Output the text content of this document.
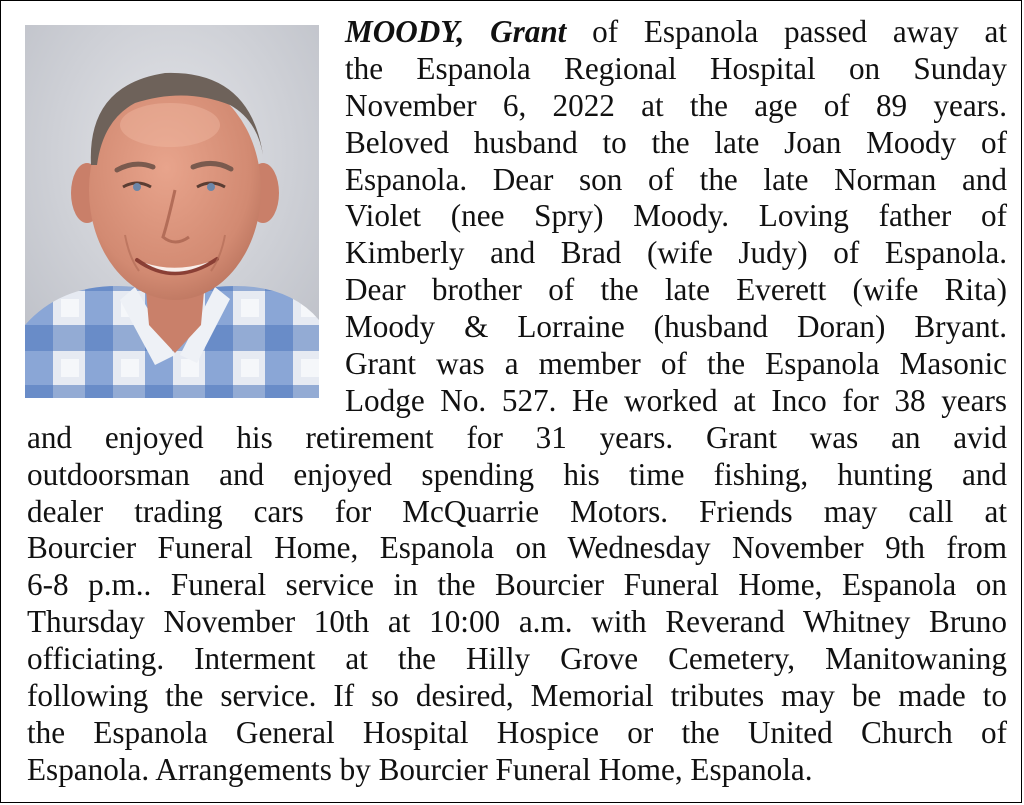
MOODY, Grant of Espanola passed away at
the Espanola Regional Hospital on Sunday
November 6, 2022 at the age of 89 years.
Beloved husband to the late Joan Moody of
Espanola. Dear son of the late Norman and
Violet (nee Spry) Moody. Loving father of
Kimberly and Brad (wife Judy) of Espanola.
Dear brother of the late Everett (wife Rita)
Moody & Lorraine (husband Doran) Bryant.
Grant was a member of the Espanola Masonic
Lodge No. 527. He worked at Inco for 38 years
and enjoyed his retirement for 31 years. Grant was an avid
outdoorsman and enjoyed spending his time fishing, hunting and
dealer trading cars for McQuarrie Motors. Friends may call at
Bourcier Funeral Home, Espanola on Wednesday November 9th from
6-8 p.m.. Funeral service in the Bourcier Funeral Home, Espanola on
Thursday November 10th at 10:00 a.m. with Reverand Whitney Bruno
officiating. Interment at the Hilly Grove Cemetery, Manitowaning
following the service. If so desired, Memorial tributes may be made to
the Espanola General Hospital Hospice or the United Church of
Espanola. Arrangements by Bourcier Funeral Home, Espanola.
